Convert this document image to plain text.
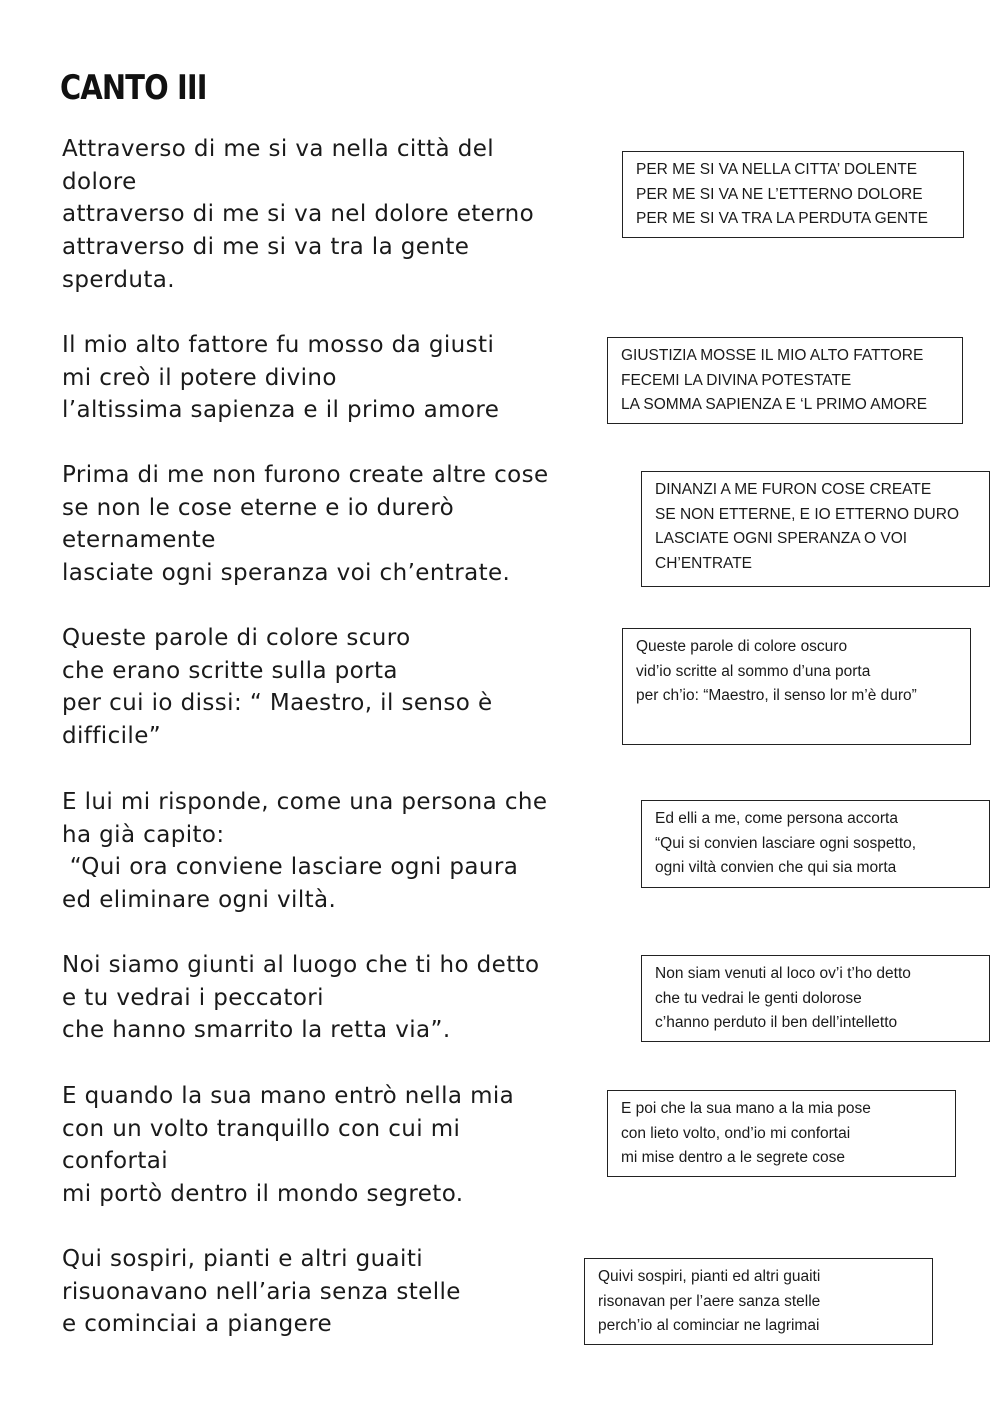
CANTO III
Attraverso di me si va nella città del
dolore
attraverso di me si va nel dolore eterno
attraverso di me si va tra la gente
sperduta.
Il mio alto fattore fu mosso da giusti
mi creò il potere divino
l’altissima sapienza e il primo amore
Prima di me non furono create altre cose
se non le cose eterne e io durerò
eternamente
lasciate ogni speranza voi ch’entrate.
Queste parole di colore scuro
che erano scritte sulla porta
per cui io dissi: “ Maestro, il senso è
difficile”
E lui mi risponde, come una persona che
ha già capito:
“Qui ora conviene lasciare ogni paura
ed eliminare ogni viltà.
Noi siamo giunti al luogo che ti ho detto
e tu vedrai i peccatori
che hanno smarrito la retta via”.
E quando la sua mano entrò nella mia
con un volto tranquillo con cui mi
confortai
mi portò dentro il mondo segreto.
Qui sospiri, pianti e altri guaiti
risuonavano nell’aria senza stelle
e cominciai a piangere
PER ME SI VA NELLA CITTA’ DOLENTE
PER ME SI VA NE L’ETTERNO DOLORE
PER ME SI VA TRA LA PERDUTA GENTE
GIUSTIZIA MOSSE IL MIO ALTO FATTORE
FECEMI LA DIVINA POTESTATE
LA SOMMA SAPIENZA E ‘L PRIMO AMORE
DINANZI A ME FURON COSE CREATE
SE NON ETTERNE, E IO ETTERNO DURO
LASCIATE OGNI SPERANZA O VOI
CH’ENTRATE
Queste parole di colore oscuro
vid’io scritte al sommo d’una porta
per ch’io: “Maestro, il senso lor m’è duro”
Ed elli a me, come persona accorta
“Qui si convien lasciare ogni sospetto,
ogni viltà convien che qui sia morta
Non siam venuti al loco ov’i t’ho detto
che tu vedrai le genti dolorose
c’hanno perduto il ben dell’intelletto
E poi che la sua mano a la mia pose
con lieto volto, ond’io mi confortai
mi mise dentro a le segrete cose
Quivi sospiri, pianti ed altri guaiti
risonavan per l’aere sanza stelle
perch’io al cominciar ne lagrimai
